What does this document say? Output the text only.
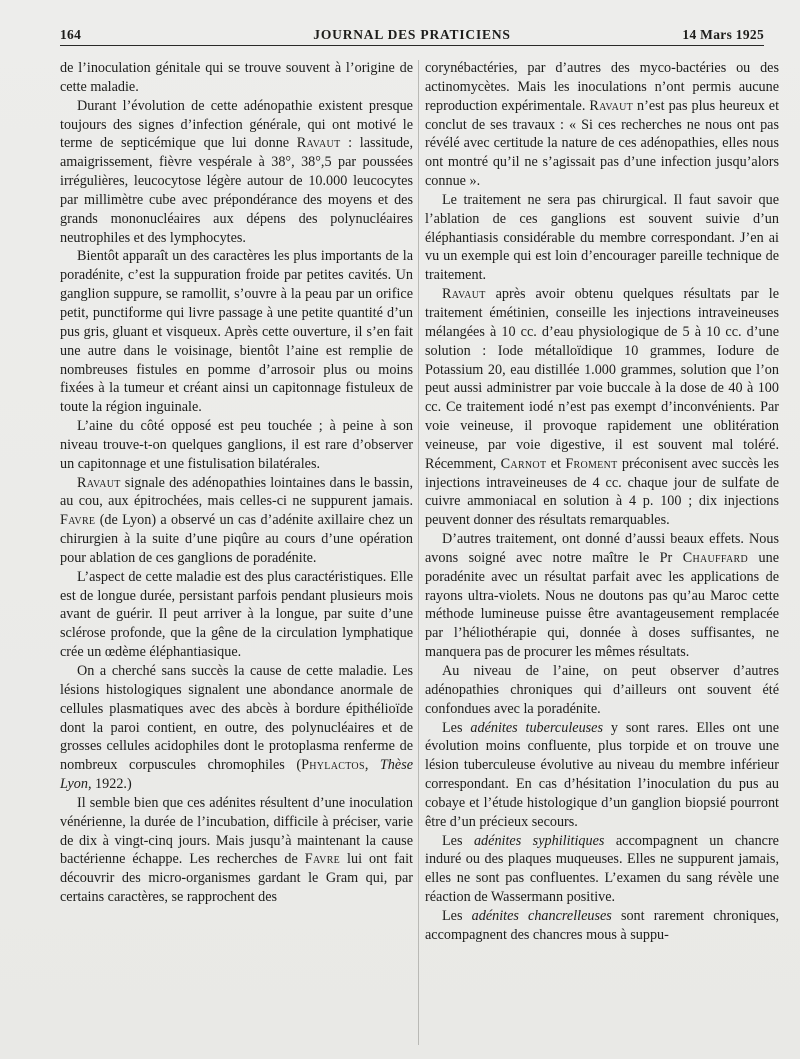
164	JOURNAL DES PRATICIENS	14 Mars 1925

de l’inoculation génitale qui se trouve souvent à l’origine de cette maladie.

Durant l’évolution de cette adénopathie existent presque toujours des signes d’infection générale, qui ont motivé le terme de septicémique que lui donne Ravaut : lassitude, amaigrissement, fièvre vespérale à 38°, 38°,5 par poussées irrégulières, leucocytose légère autour de 10.000 leucocytes par millimètre cube avec prépondérance des moyens et des grands mononucléaires aux dépens des polynucléaires neutrophiles et des lymphocytes.

Bientôt apparaît un des caractères les plus importants de la poradénite, c’est la suppuration froide par petites cavités. Un ganglion suppure, se ramollit, s’ouvre à la peau par un orifice petit, punctiforme qui livre passage à une petite quantité d’un pus gris, gluant et visqueux. Après cette ouverture, il s’en fait une autre dans le voisinage, bientôt l’aine est remplie de nombreuses fistules en pomme d’arrosoir plus ou moins fixées à la tumeur et créant ainsi un capitonnage fistuleux de toute la région inguinale.

L’aine du côté opposé est peu touchée ; à peine à son niveau trouve-t-on quelques ganglions, il est rare d’observer un capitonnage et une fistulisation bilatérales.

Ravaut signale des adénopathies lointaines dans le bassin, au cou, aux épitrochées, mais celles-ci ne suppurent jamais. Favre (de Lyon) a observé un cas d’adénite axillaire chez un chirurgien à la suite d’une piqûre au cours d’une opération pour ablation de ces ganglions de poradénite.

L’aspect de cette maladie est des plus caractéristiques. Elle est de longue durée, persistant parfois pendant plusieurs mois avant de guérir. Il peut arriver à la longue, par suite d’une sclérose profonde, que la gêne de la circulation lymphatique crée un œdème éléphantiasique.

On a cherché sans succès la cause de cette maladie. Les lésions histologiques signalent une abondance anormale de cellules plasmatiques avec des abcès à bordure épithélioïde dont la paroi contient, en outre, des polynucléaires et de grosses cellules acidophiles dont le protoplasma renferme de nombreux corpuscules chromophiles (Phylactos, Thèse Lyon, 1922.)

Il semble bien que ces adénites résultent d’une inoculation vénérienne, la durée de l’incubation, difficile à préciser, varie de dix à vingt-cinq jours. Mais jusqu’à maintenant la cause bactérienne échappe. Les recherches de Favre lui ont fait découvrir des micro-organismes gardant le Gram qui, par certains caractères, se rapprochent des

corynébactéries, par d’autres des myco-bactéries ou des actinomycètes. Mais les inoculations n’ont permis aucune reproduction expérimentale. Ravaut n’est pas plus heureux et conclut de ses travaux : « Si ces recherches ne nous ont pas révélé avec certitude la nature de ces adénopathies, elles nous ont montré qu’il ne s’agissait pas d’une infection jusqu’alors connue ».

Le traitement ne sera pas chirurgical. Il faut savoir que l’ablation de ces ganglions est souvent suivie d’un éléphantiasis considérable du membre correspondant. J’en ai vu un exemple qui est loin d’encourager pareille technique de traitement.

Ravaut après avoir obtenu quelques résultats par le traitement émétinien, conseille les injections intraveineuses mélangées à 10 cc. d’eau physiologique de 5 à 10 cc. d’une solution : Iode métalloïdique 10 grammes, Iodure de Potassium 20, eau distillée 1.000 grammes, solution que l’on peut aussi administrer par voie buccale à la dose de 40 à 100 cc. Ce traitement iodé n’est pas exempt d’inconvénients. Par voie veineuse, il provoque rapidement une oblitération veineuse, par voie digestive, il est souvent mal toléré. Récemment, Carnot et Froment préconisent avec succès les injections intraveineuses de 4 cc. chaque jour de sulfate de cuivre ammoniacal en solution à 4 p. 100 ; dix injections peuvent donner des résultats remarquables.

D’autres traitement, ont donné d’aussi beaux effets. Nous avons soigné avec notre maître le Pr Chauffard une poradénite avec un résultat parfait avec les applications de rayons ultra-violets. Nous ne doutons pas qu’au Maroc cette méthode lumineuse puisse être avantageusement remplacée par l’héliothérapie qui, donnée à doses suffisantes, ne manquera pas de procurer les mêmes résultats.

Au niveau de l’aine, on peut observer d’autres adénopathies chroniques qui d’ailleurs ont souvent été confondues avec la poradénite.

Les adénites tuberculeuses y sont rares. Elles ont une évolution moins confluente, plus torpide et on trouve une lésion tuberculeuse évolutive au niveau du membre inférieur correspondant. En cas d’hésitation l’inoculation du pus au cobaye et l’étude histologique d’un ganglion biopsié pourront être d’un précieux secours.

Les adénites syphilitiques accompagnent un chancre induré ou des plaques muqueuses. Elles ne suppurent jamais, elles ne sont pas confluentes. L’examen du sang révèle une réaction de Wassermann positive.

Les adénites chancrelleuses sont rarement chroniques, accompagnent des chancres mous à suppu-
